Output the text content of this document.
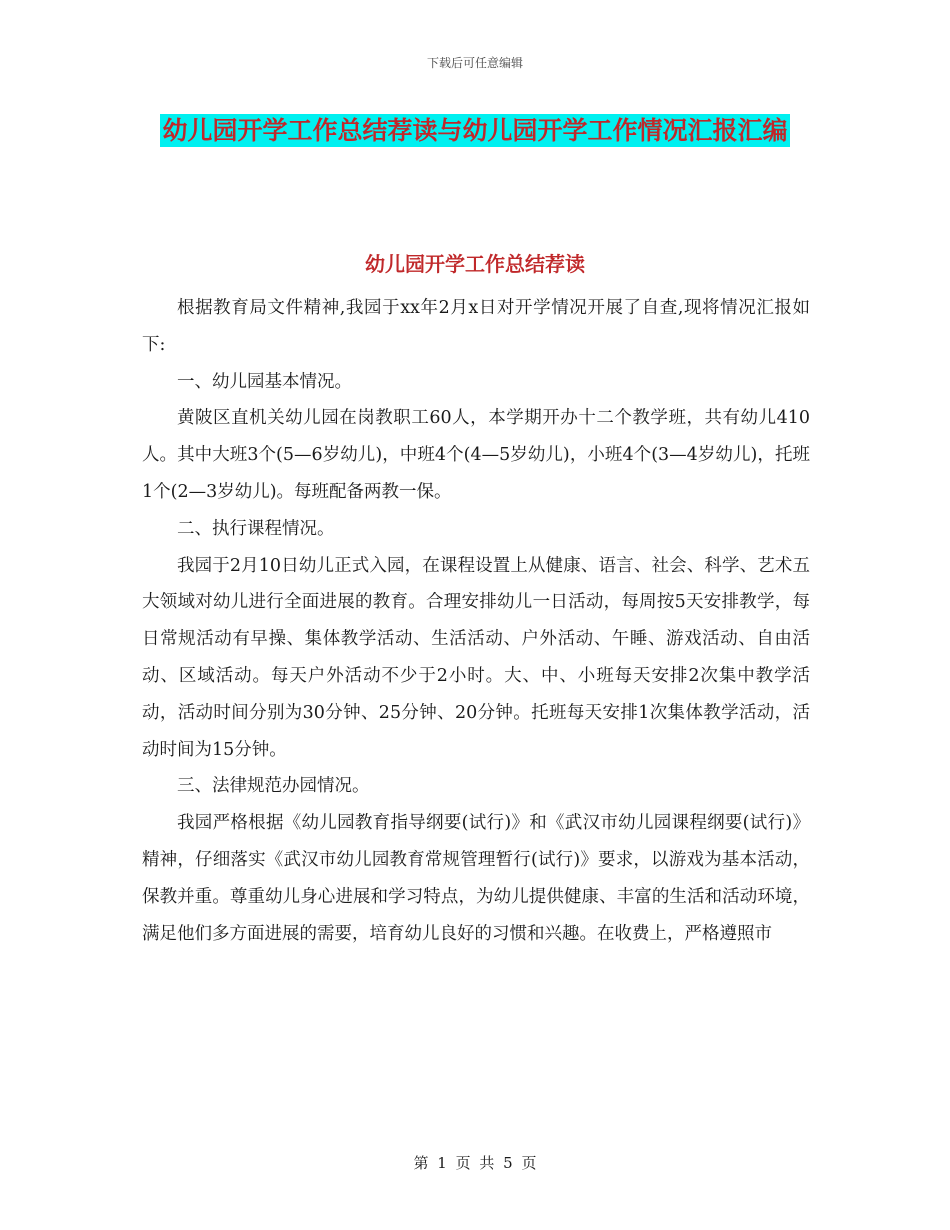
下载后可任意编辑
幼儿园开学工作总结荐读与幼儿园开学工作情况汇报汇编
幼儿园开学工作总结荐读

根据教育局文件精神,我园于xx年2月x日对开学情况开展了自查,现将情况汇报如下:

一、幼儿园基本情况。

黄陂区直机关幼儿园在岗教职工60人，本学期开办十二个教学班，共有幼儿410人。其中大班3个(5—6岁幼儿)，中班4个(4—5岁幼儿)，小班4个(3—4岁幼儿)，托班1个(2—3岁幼儿)。每班配备两教一保。

二、执行课程情况。

我园于2月10日幼儿正式入园，在课程设置上从健康、语言、社会、科学、艺术五大领域对幼儿进行全面进展的教育。合理安排幼儿一日活动，每周按5天安排教学，每日常规活动有早操、集体教学活动、生活活动、户外活动、午睡、游戏活动、自由活动、区域活动。每天户外活动不少于2小时。大、中、小班每天安排2次集中教学活动，活动时间分别为30分钟、25分钟、20分钟。托班每天安排1次集体教学活动，活动时间为15分钟。

三、法律规范办园情况。

我园严格根据《幼儿园教育指导纲要(试行)》和《武汉市幼儿园课程纲要(试行)》精神，仔细落实《武汉市幼儿园教育常规管理暂行(试行)》要求，以游戏为基本活动，保教并重。尊重幼儿身心进展和学习特点，为幼儿提供健康、丰富的生活和活动环境，满足他们多方面进展的需要，培育幼儿良好的习惯和兴趣。在收费上，严格遵照市

第 1 页 共 5 页
